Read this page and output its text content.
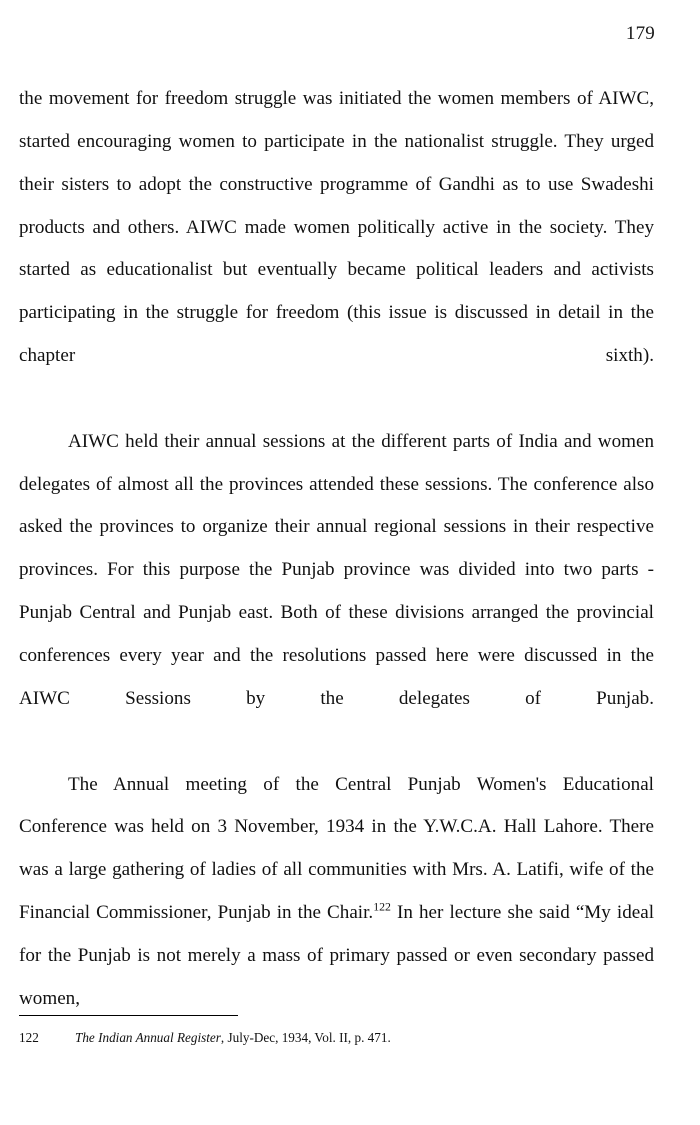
179

the movement for freedom struggle was initiated the women members of AIWC, started encouraging women to participate in the nationalist struggle. They urged their sisters to adopt the constructive programme of Gandhi as to use Swadeshi products and others. AIWC made women politically active in the society. They started as educationalist but eventually became political leaders and activists participating in the struggle for freedom (this issue is discussed in detail in the chapter sixth).

AIWC held their annual sessions at the different parts of India and women delegates of almost all the provinces attended these sessions. The conference also asked the provinces to organize their annual regional sessions in their respective provinces. For this purpose the Punjab province was divided into two parts - Punjab Central and Punjab east. Both of these divisions arranged the provincial conferences every year and the resolutions passed here were discussed in the AIWC Sessions by the delegates of Punjab.

The Annual meeting of the Central Punjab Women's Educational Conference was held on 3 November, 1934 in the Y.W.C.A. Hall Lahore. There was a large gathering of ladies of all communities with Mrs. A. Latifi, wife of the Financial Commissioner, Punjab in the Chair.$^{122}$ In her lecture she said “My ideal for the Punjab is not merely a mass of primary passed or even secondary passed women,

122	The Indian Annual Register, July-Dec, 1934, Vol. II, p. 471.
